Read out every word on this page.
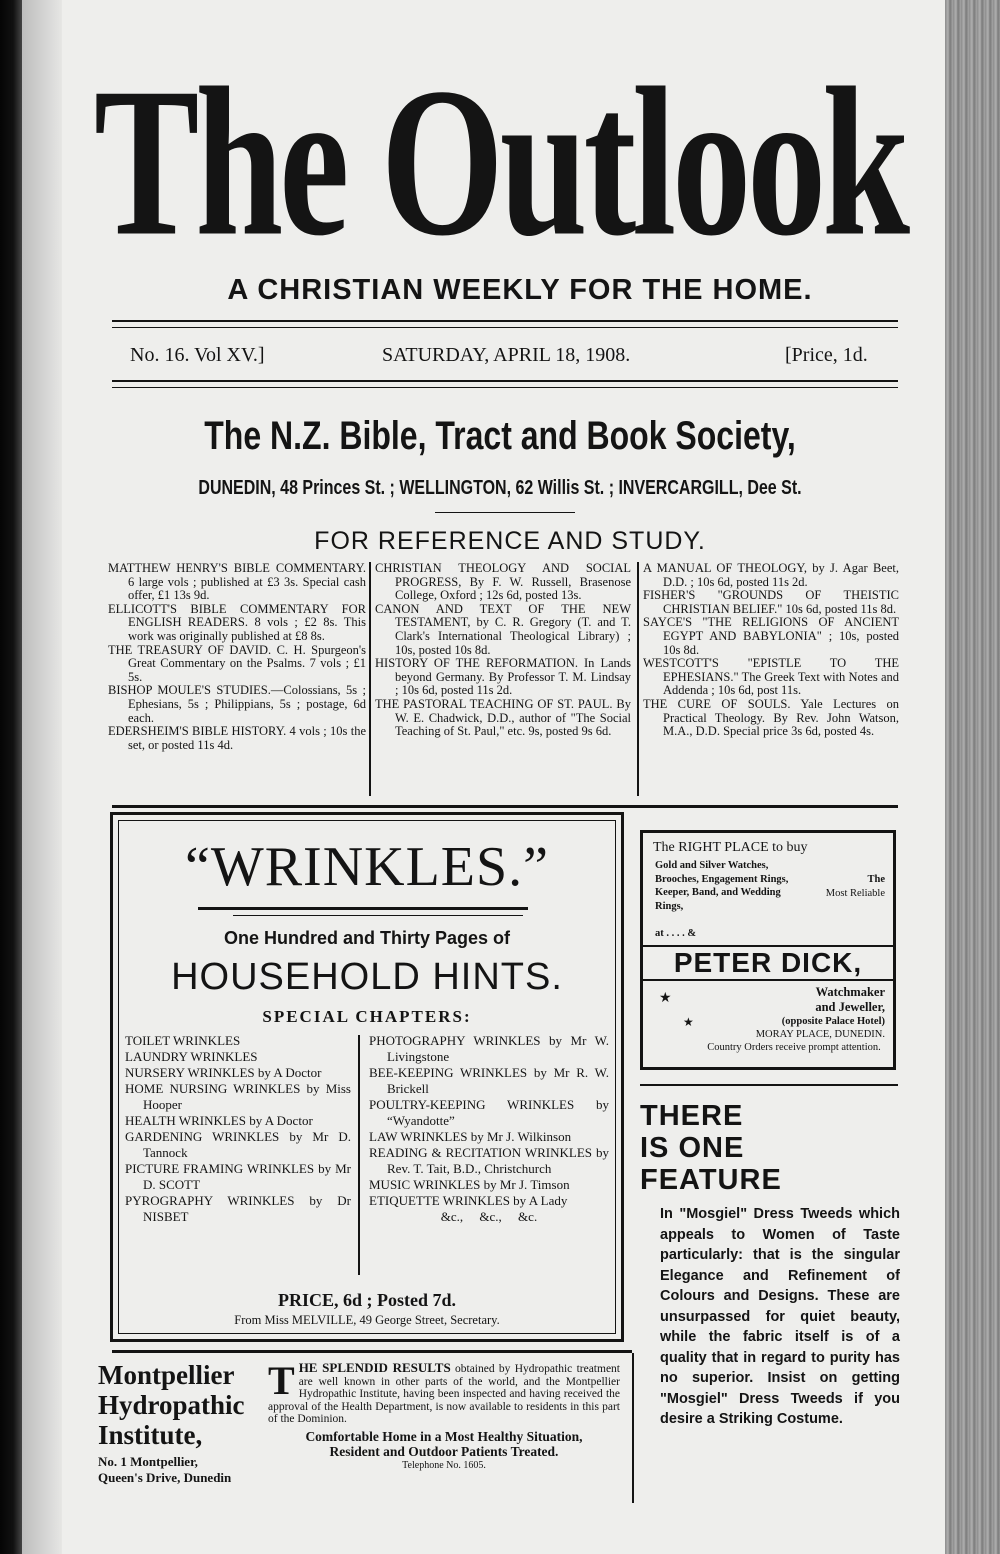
The Outlook
A CHRISTIAN WEEKLY FOR THE HOME.
No. 16. Vol XV.]	SATURDAY, APRIL 18, 1908.	[Price, 1d.
The N.Z. Bible, Tract and Book Society,
DUNEDIN, 48 Princes St. ; WELLINGTON, 62 Willis St. ; INVERCARGILL, Dee St.
FOR REFERENCE AND STUDY.

MATTHEW HENRY'S BIBLE COMMENTARY. 6 large vols ; published at £3 3s. Special cash offer, £1 13s 9d.

ELLICOTT'S BIBLE COMMENTARY FOR ENGLISH READERS. 8 vols ; £2 8s. This work was originally published at £8 8s.

THE TREASURY OF DAVID. C. H. Spurgeon's Great Commentary on the Psalms. 7 vols ; £1 5s.

BISHOP MOULE'S STUDIES.—Colossians, 5s ; Ephesians, 5s ; Philippians, 5s ; postage, 6d each.

EDERSHEIM'S BIBLE HISTORY. 4 vols ; 10s the set, or posted 11s 4d.

CHRISTIAN THEOLOGY AND SOCIAL PROGRESS, By F. W. Russell, Brasenose College, Oxford ; 12s 6d, posted 13s.

CANON AND TEXT OF THE NEW TESTAMENT, by C. R. Gregory (T. and T. Clark's International Theological Library) ; 10s, posted 10s 8d.

HISTORY OF THE REFORMATION. In Lands beyond Germany. By Professor T. M. Lindsay ; 10s 6d, posted 11s 2d.

THE PASTORAL TEACHING OF ST. PAUL. By W. E. Chadwick, D.D., author of "The Social Teaching of St. Paul," etc. 9s, posted 9s 6d.

A MANUAL OF THEOLOGY, by J. Agar Beet, D.D. ; 10s 6d, posted 11s 2d.

FISHER'S "GROUNDS OF THEISTIC CHRISTIAN BELIEF." 10s 6d, posted 11s 8d.

SAYCE'S "THE RELIGIONS OF ANCIENT EGYPT AND BABYLONIA" ; 10s, posted 10s 8d.

WESTCOTT'S "EPISTLE TO THE EPHESIANS." The Greek Text with Notes and Addenda ; 10s 6d, post 11s.

THE CURE OF SOULS. Yale Lectures on Practical Theology. By Rev. John Watson, M.A., D.D. Special price 3s 6d, posted 4s.

“WRINKLES.”
One Hundred and Thirty Pages of
HOUSEHOLD HINTS.
SPECIAL CHAPTERS:

TOILET WRINKLES

LAUNDRY WRINKLES

NURSERY WRINKLES by A Doctor

HOME NURSING WRINKLES by Miss Hooper

HEALTH WRINKLES by A Doctor

GARDENING WRINKLES by Mr D. Tannock

PICTURE FRAMING WRINKLES by Mr D. SCOTT

PYROGRAPHY WRINKLES by Dr NISBET

PHOTOGRAPHY WRINKLES by Mr W. Livingstone

BEE-KEEPING WRINKLES by Mr R. W. Brickell

POULTRY-KEEPING WRINKLES by “Wyandotte”

LAW WRINKLES by Mr J. Wilkinson

READING & RECITATION WRINKLES by Rev. T. Tait, B.D., Christchurch

MUSIC WRINKLES by Mr J. Timson

ETIQUETTE WRINKLES by A Lady

&c.,     &c.,     &c.

PRICE, 6d ; Posted 7d.
From Miss MELVILLE, 49 George Street, Secretary.
The RIGHT PLACE to buy
Gold and Silver Watches, Brooches, Engagement Rings, Keeper, Band, and Wedding Rings,
at . . . . &
The
Most Reliable
PETER DICK,
★
★
Watchmaker
and Jeweller,
(opposite Palace Hotel)
MORAY PLACE, DUNEDIN.
Country Orders receive prompt attention.
THERE
IS ONE
FEATURE
In "Mosgiel" Dress Tweeds which appeals to Women of Taste particularly: that is the singular Elegance and Refinement of Colours and Designs. These are unsurpassed for quiet beauty, while the fabric itself is of a quality that in regard to purity has no superior. Insist on getting "Mosgiel" Dress Tweeds if you desire a Striking Costume.
Montpellier
Hydropathic
Institute,
No. 1 Montpellier,
Queen's Drive, Dunedin
THE SPLENDID RESULTS obtained by Hydropathic treatment are well known in other parts of the world, and the Montpellier Hydropathic Institute, having been inspected and having received the approval of the Health Department, is now available to residents in this part of the Dominion.
Comfortable Home in a Most Healthy Situation,
Resident and Outdoor Patients Treated.
Telephone No. 1605.
